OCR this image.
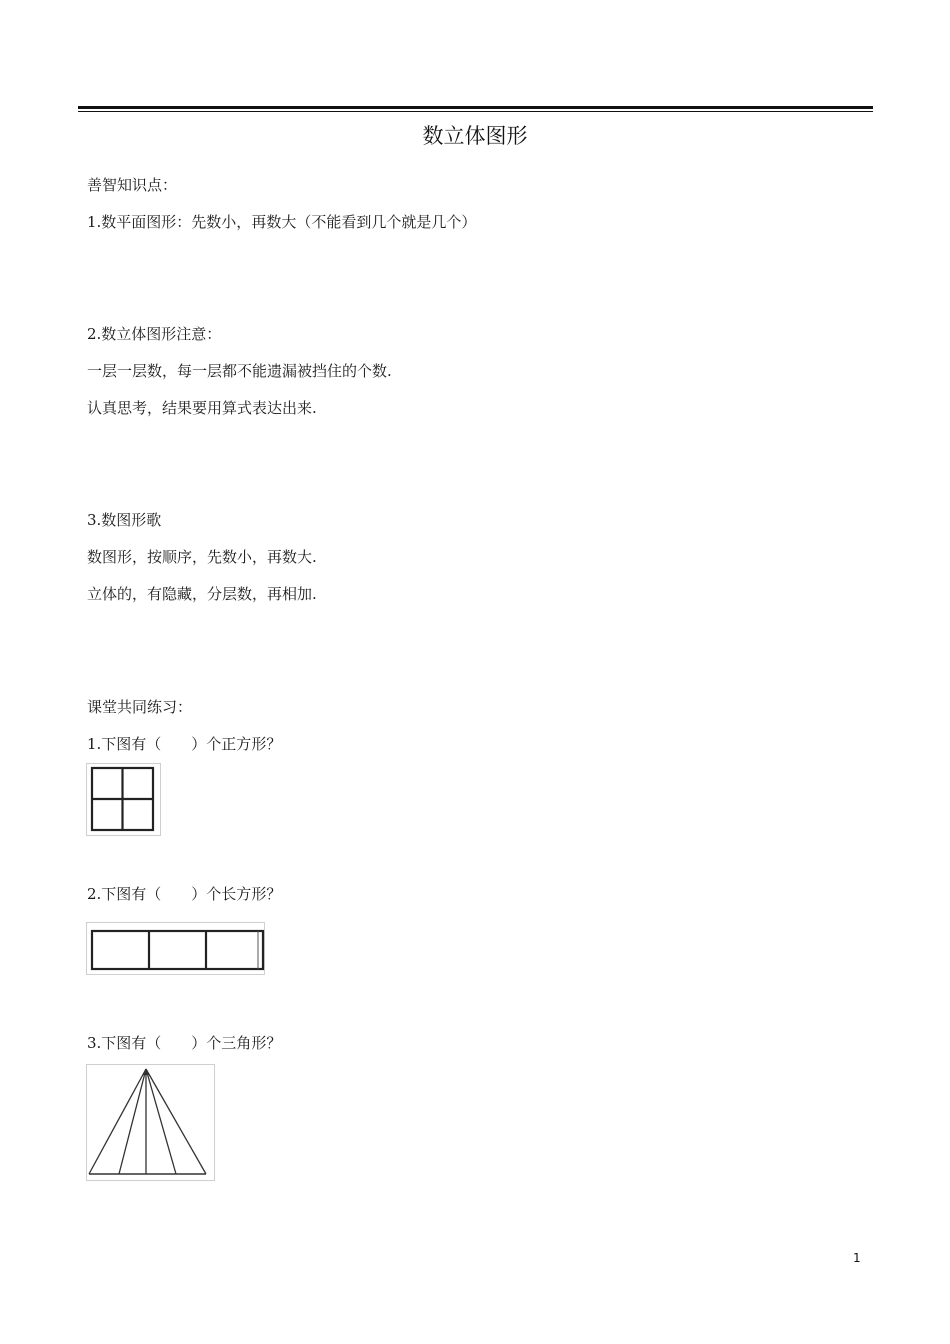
数立体图形
善智知识点：
1.数平面图形：先数小，再数大（不能看到几个就是几个）
2.数立体图形注意：
一层一层数，每一层都不能遗漏被挡住的个数.
认真思考，结果要用算式表达出来.
3.数图形歌
数图形，按顺序，先数小，再数大.
立体的，有隐藏，分层数，再相加.
课堂共同练习：
1.下图有（　　）个正方形？
2.下图有（　　）个长方形？
3.下图有（　　）个三角形？
1
